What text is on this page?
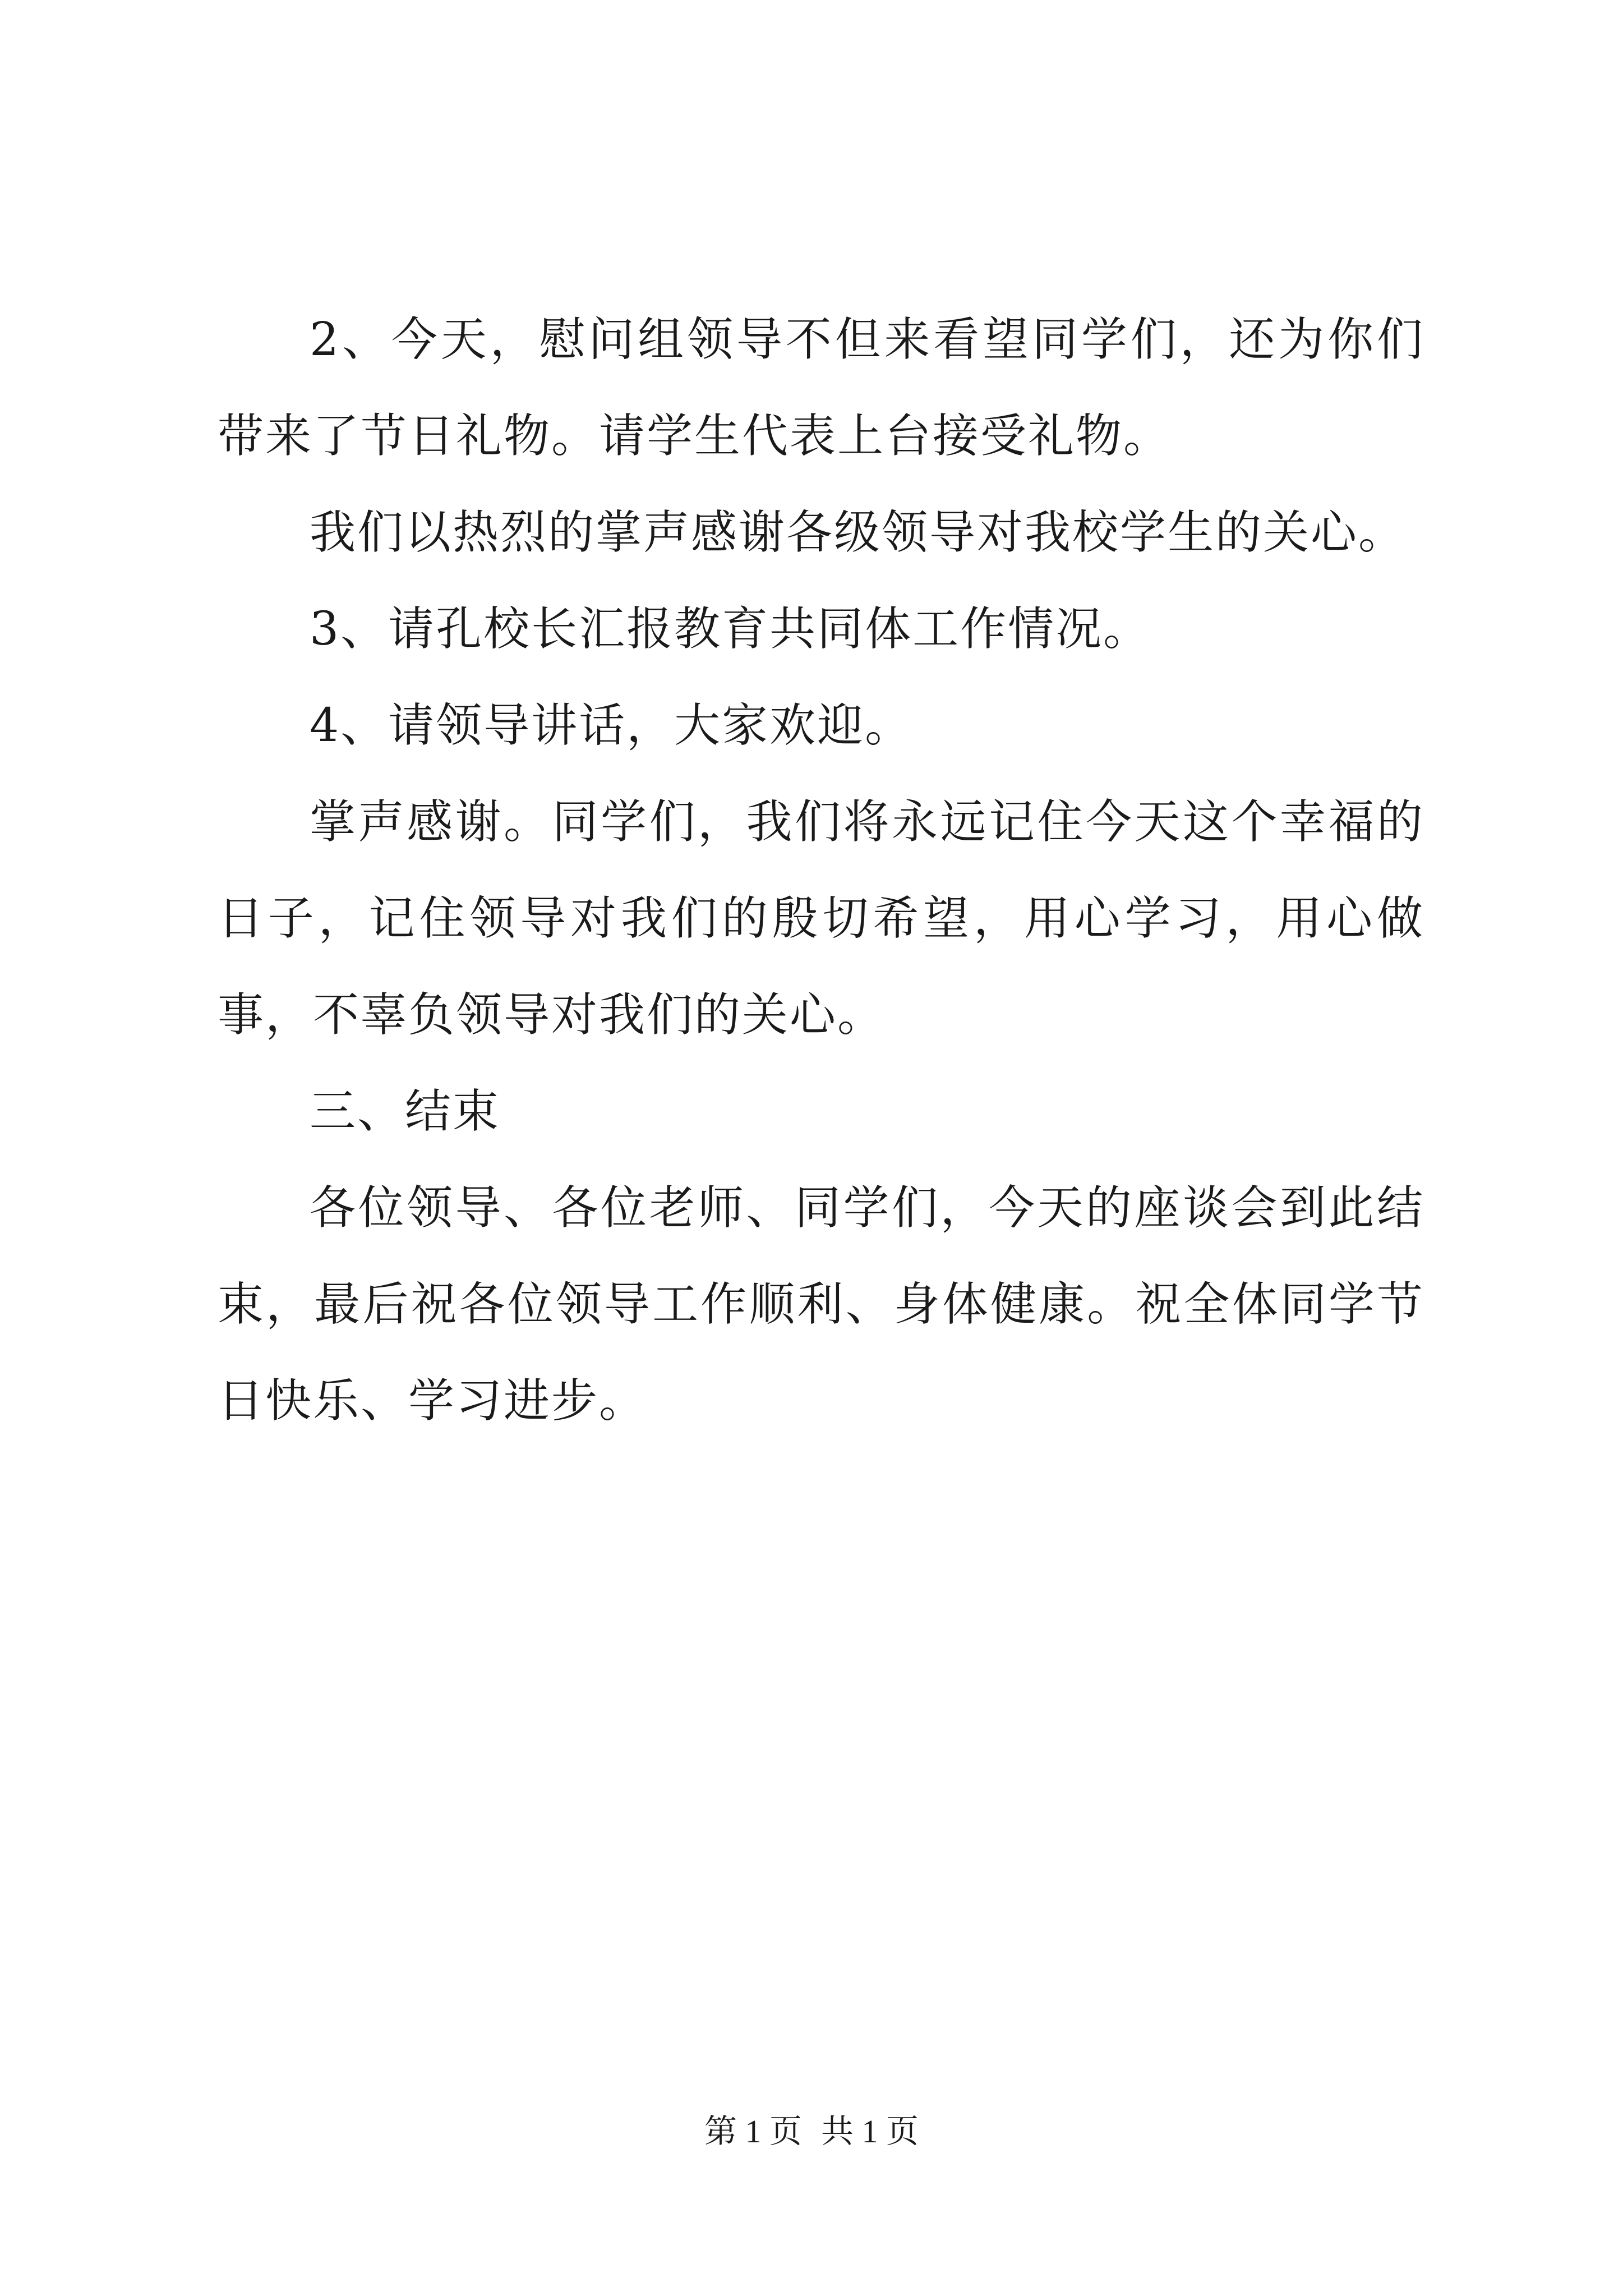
2、今天，慰问组领导不但来看望同学们，还为你们带来了节日礼物。请学生代表上台接受礼物。

我们以热烈的掌声感谢各级领导对我校学生的关心。

3、请孔校长汇报教育共同体工作情况。

4、请领导讲话，大家欢迎。

掌声感谢。同学们，我们将永远记住今天这个幸福的日子，记住领导对我们的殷切希望，用心学习，用心做事，不辜负领导对我们的关心。

三、结束

各位领导、各位老师、同学们，今天的座谈会到此结束，最后祝各位领导工作顺利、身体健康。祝全体同学节日快乐、学习进步。

第 1 页 共 1 页
